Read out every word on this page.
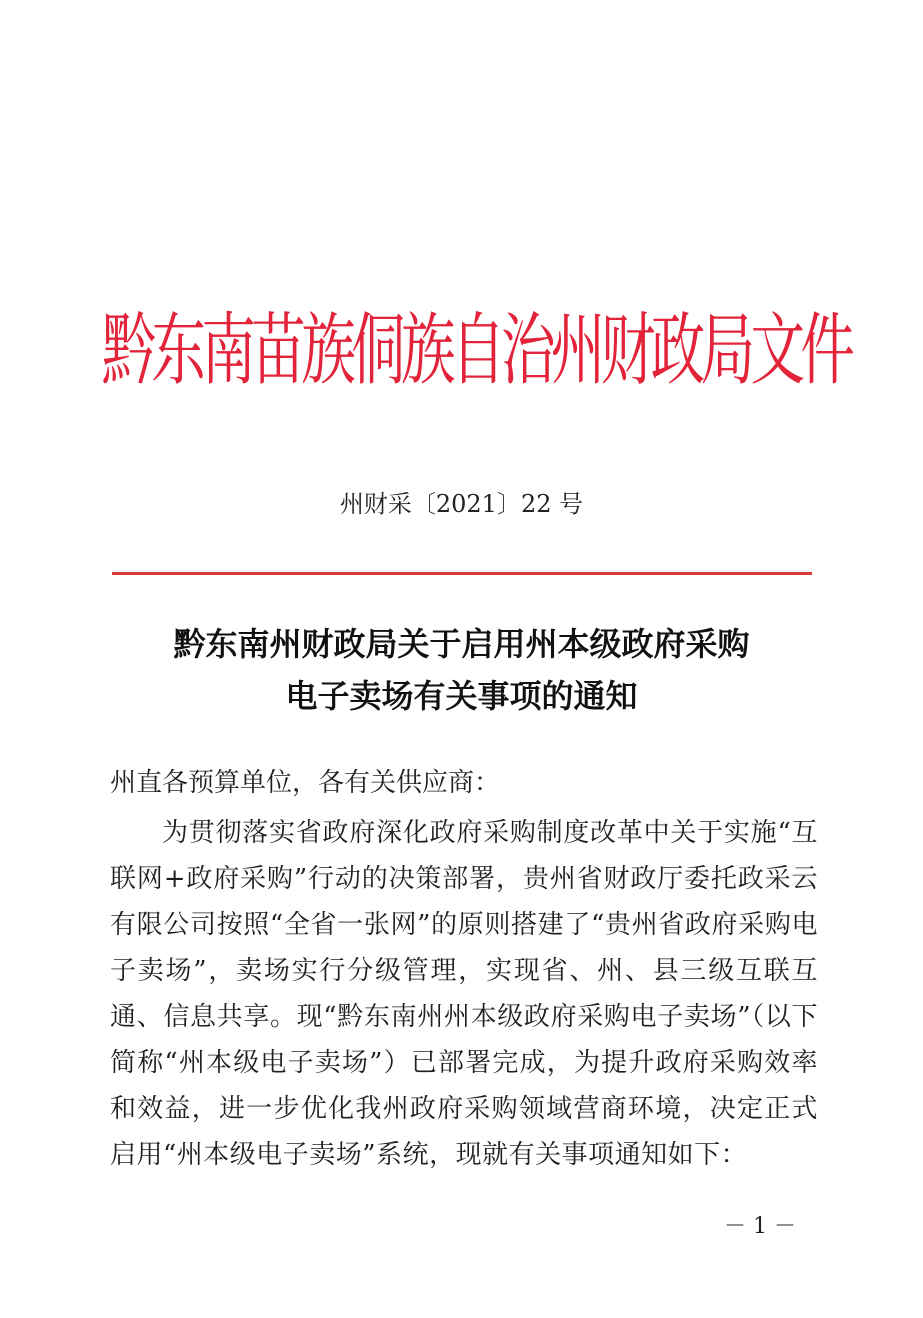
黔东南苗族侗族自治州财政局文件
州财采〔2021〕22 号
黔东南州财政局关于启用州本级政府采购
电子卖场有关事项的通知

州直各预算单位，各有关供应商：

为贯彻落实省政府深化政府采购制度改革中关于实施“互联网+政府采购”行动的决策部署，贵州省财政厅委托政采云有限公司按照“全省一张网”的原则搭建了“贵州省政府采购电子卖场”，卖场实行分级管理，实现省、州、县三级互联互通、信息共享。现“黔东南州州本级政府采购电子卖场”（以下简称“州本级电子卖场”）已部署完成，为提升政府采购效率和效益，进一步优化我州政府采购领域营商环境，决定正式启用“州本级电子卖场”系统，现就有关事项通知如下：

－ 1 －
